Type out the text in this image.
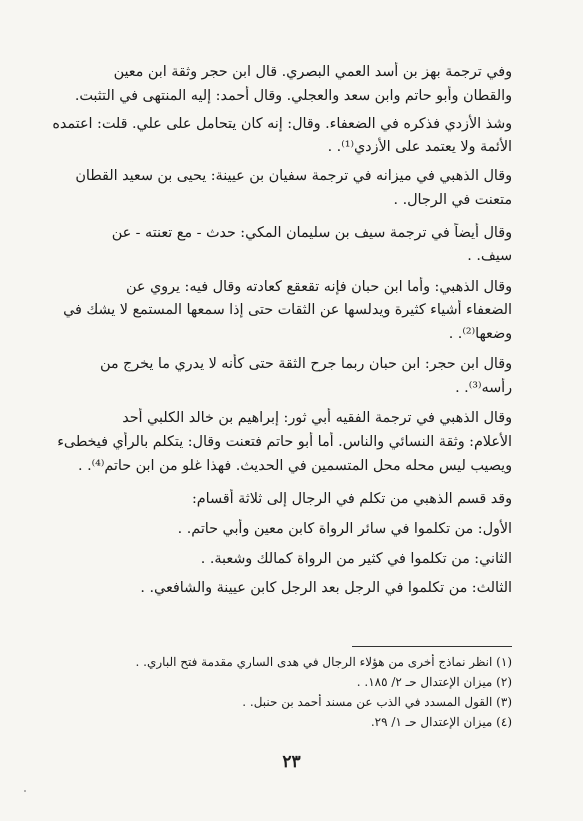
وفي ترجمة بهز بن أسد العمي البصري. قال ابن حجر وثقة ابن معين
والقطان وأبو حاتم وابن سعد والعجلي. وقال أحمد: إليه المنتهى في التثبت.
وشذ الأزدي فذكره في الضعفاء. وقال: إنه كان يتحامل على علي. قلت: اعتمده
الأئمة ولا يعتمد على الأزدي⁽¹⁾. .
وقال الذهبي في ميزانه في ترجمة سفيان بن عيينة: يحيى بن سعيد القطان
متعنت في الرجال. .
وقال أيضاً في ترجمة سيف بن سليمان المكي: حدث - مع تعنته - عن
سيف. .
وقال الذهبي: وأما ابن حبان فإنه تقعقع كعادته وقال فيه: يروي عن
الضعفاء أشياء كثيرة ويدلسها عن الثقات حتى إذا سمعها المستمع لا يشك في
وضعها⁽²⁾. .
وقال ابن حجر: ابن حبان ربما جرح الثقة حتى كأنه لا يدري ما يخرج من
رأسه⁽³⁾. .
وقال الذهبي في ترجمة الفقيه أبي ثور: إبراهيم بن خالد الكلبي أحد
الأعلام: وثقة النسائي والناس. أما أبو حاتم فتعنت وقال: يتكلم بالرأي فيخطىء
ويصيب ليس محله محل المتسمين في الحديث. فهذا غلو من ابن حاتم⁽⁴⁾. .
وقد قسم الذهبي من تكلم في الرجال إلى ثلاثة أقسام:
الأول: من تكلموا في سائر الرواة كابن معين وأبي حاتم. .
الثاني: من تكلموا في كثير من الرواة كمالك وشعبة. .
الثالث: من تكلموا في الرجل بعد الرجل كابن عيينة والشافعي. .
(١) انظر نماذج أخرى من هؤلاء الرجال في هدى الساري مقدمة فتح الباري. .
(٢) ميزان الإعتدال حـ ٢/ ١٨٥. .
(٣) القول المسدد في الذب عن مسند أحمد بن حنبل. .
(٤) ميزان الإعتدال حـ ١/ ٢٩.
٢٣
